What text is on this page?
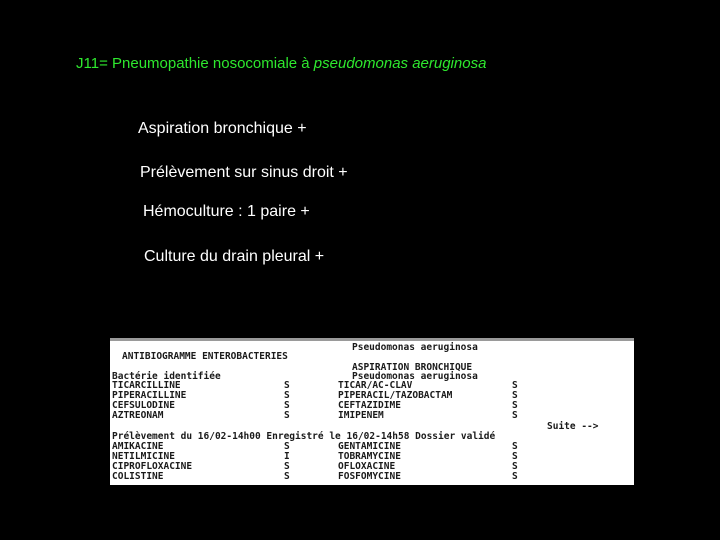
J11= Pneumopathie nosocomiale à pseudomonas aeruginosa
Aspiration bronchique +
Prélèvement sur sinus droit +
Hémoculture : 1 paire +
Culture du drain pleural +
Pseudomonas aeruginosa
ANTIBIOGRAMME ENTEROBACTERIES
ASPIRATION BRONCHIQUE
Pseudomonas aeruginosa
Bactérie identifiée
TICARCILLINE	S	TICAR/AC-CLAV	S
PIPERACILLINE	S	PIPERACIL/TAZOBACTAM	S
CEFSULODINE	S	CEFTAZIDIME	S
AZTREONAM	S	IMIPENEM	S
Suite -->
Prélèvement du 16/02-14h00 Enregistré le 16/02-14h58 Dossier validé
AMIKACINE	S	GENTAMICINE	S
NETILMICINE	I	TOBRAMYCINE	S
CIPROFLOXACINE	S	OFLOXACINE	S
COLISTINE	S	FOSFOMYCINE	S
